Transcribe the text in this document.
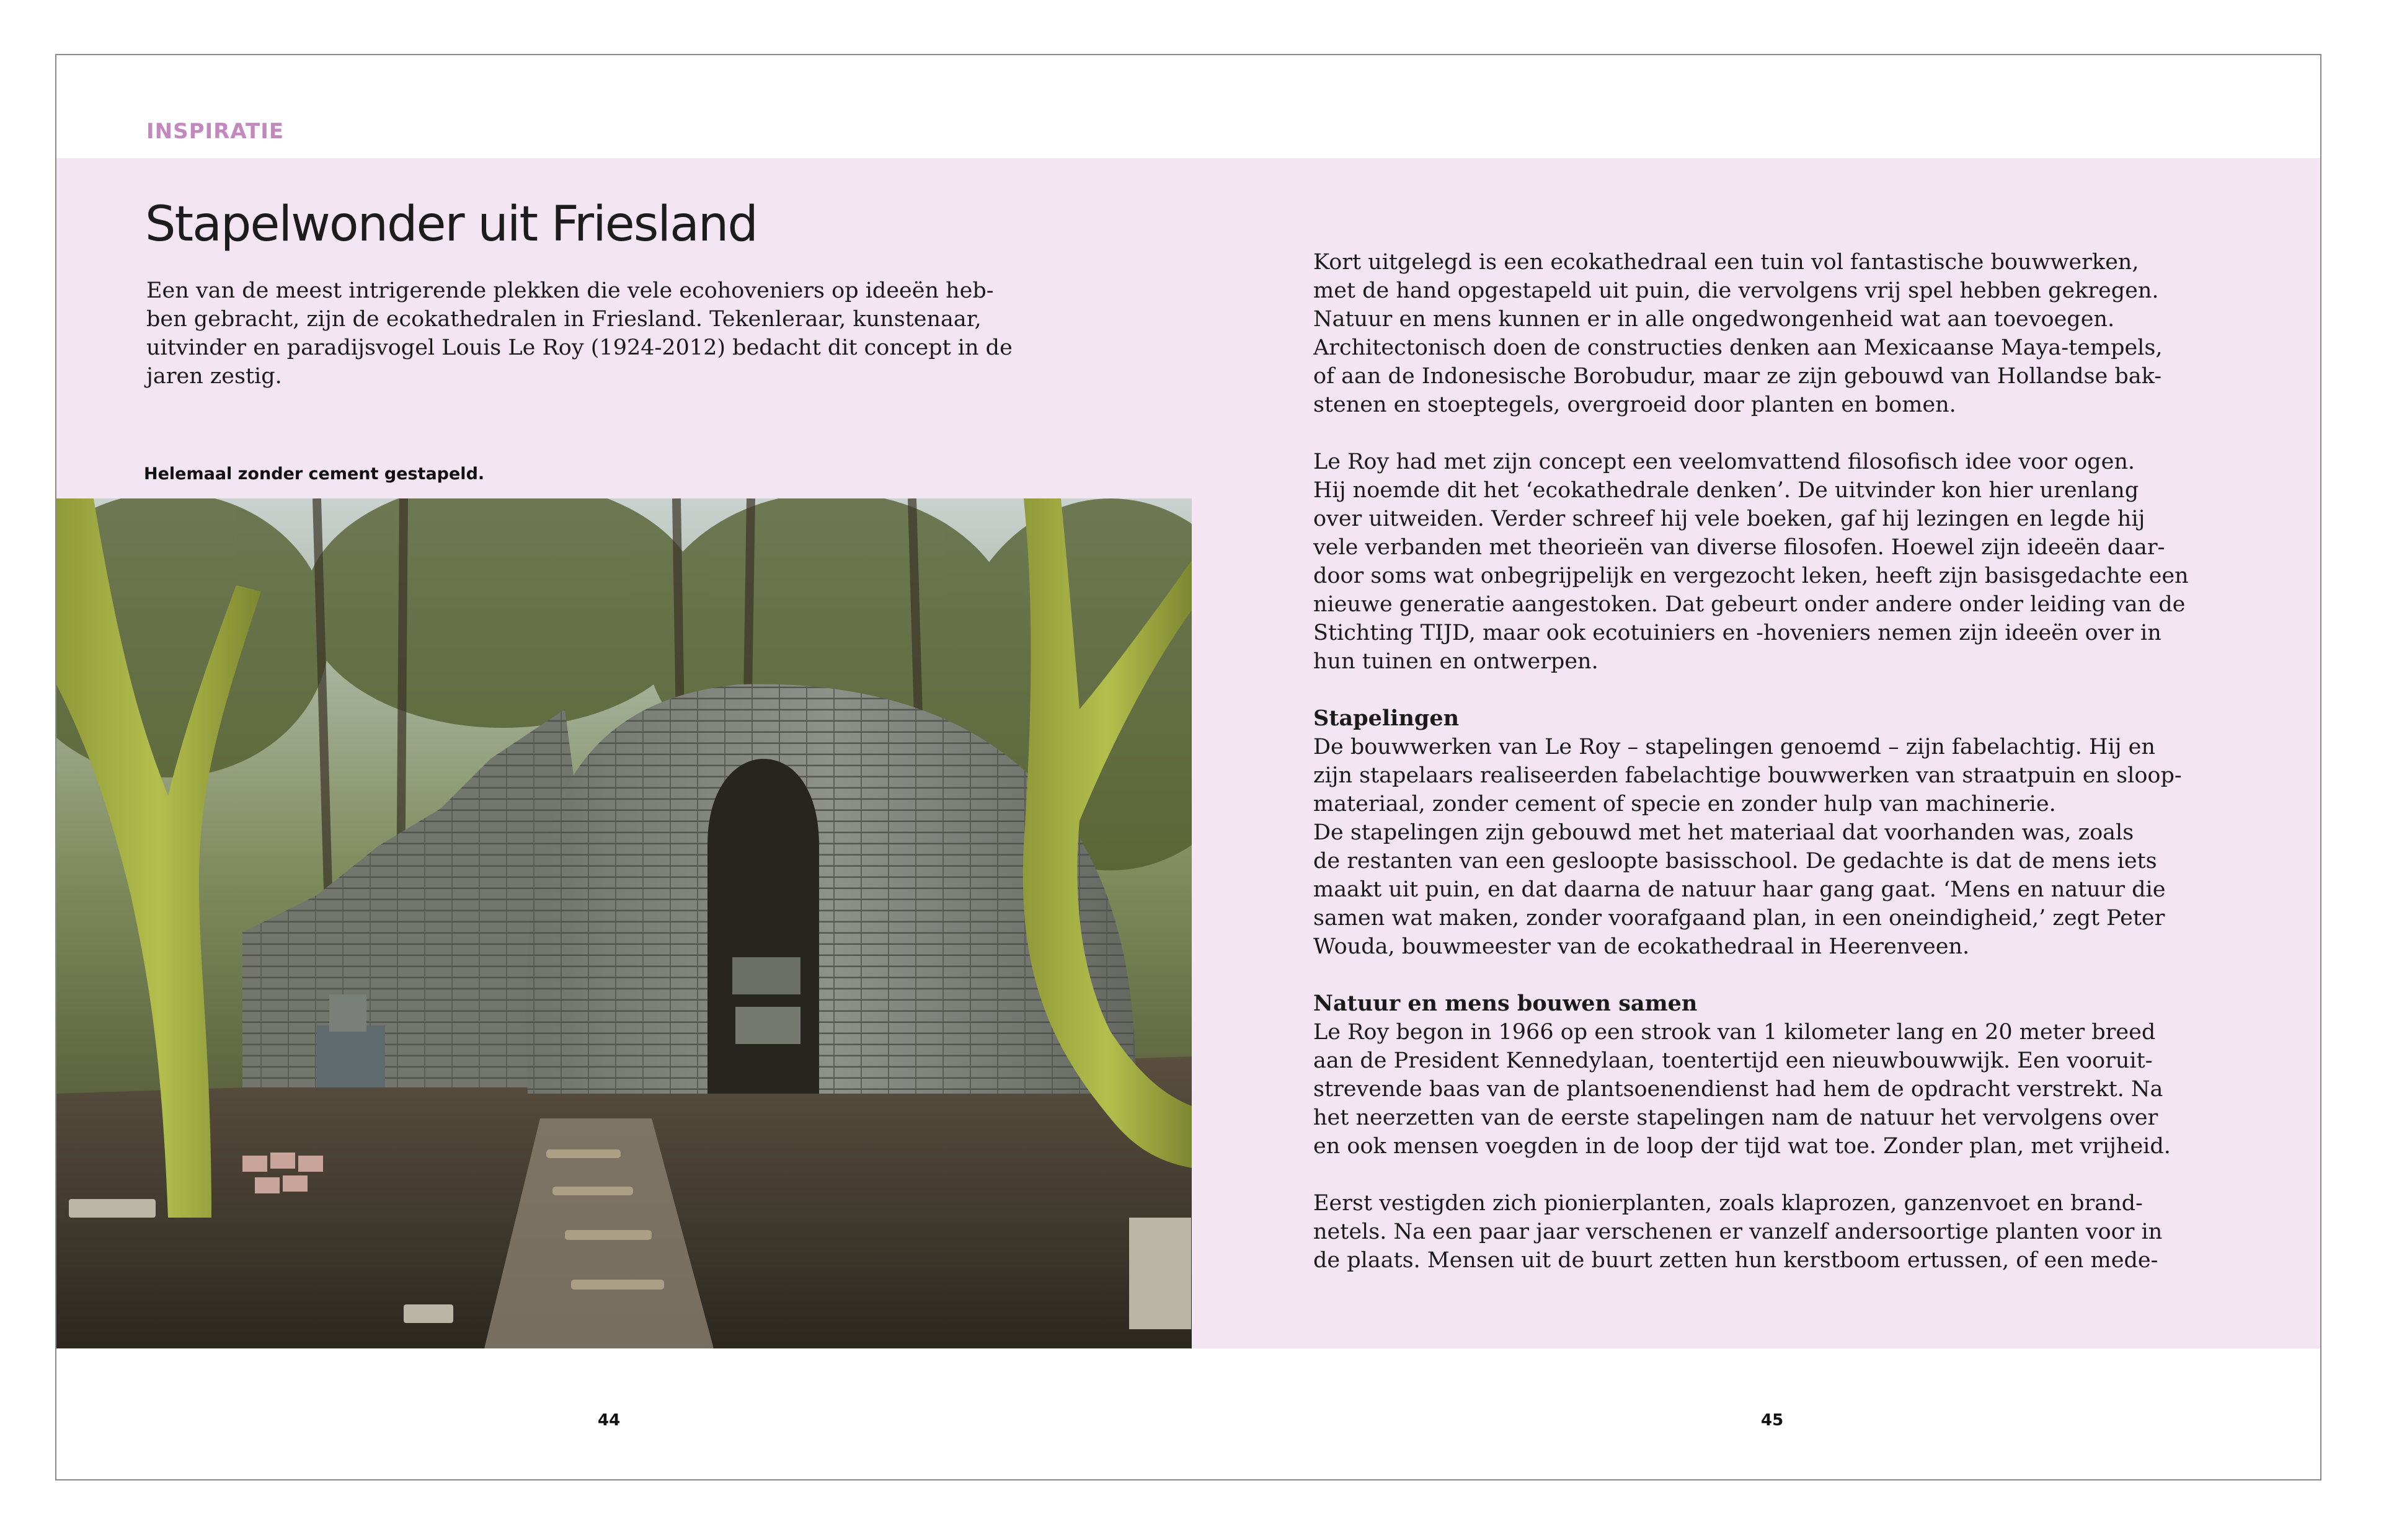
INSPIRATIE
Stapelwonder uit Friesland
Een van de meest intrigerende plekken die vele ecohoveniers op ideeën heb-
ben gebracht, zijn de ecokathedralen in Friesland. Tekenleraar, kunstenaar,
uitvinder en paradijsvogel Louis Le Roy (1924-2012) bedacht dit concept in de
jaren zestig.
Helemaal zonder cement gestapeld.
Kort uitgelegd is een ecokathedraal een tuin vol fantastische bouwwerken,
met de hand opgestapeld uit puin, die vervolgens vrij spel hebben gekregen.
Natuur en mens kunnen er in alle ongedwongenheid wat aan toevoegen.
Architectonisch doen de constructies denken aan Mexicaanse Maya-tempels,
of aan de Indonesische Borobudur, maar ze zijn gebouwd van Hollandse bak-
stenen en stoeptegels, overgroeid door planten en bomen.
Le Roy had met zijn concept een veelomvattend filosofisch idee voor ogen.
Hij noemde dit het ‘ecokathedrale denken’. De uitvinder kon hier urenlang
over uitweiden. Verder schreef hij vele boeken, gaf hij lezingen en legde hij
vele verbanden met theorieën van diverse filosofen. Hoewel zijn ideeën daar-
door soms wat onbegrijpelijk en vergezocht leken, heeft zijn basisgedachte een
nieuwe generatie aangestoken. Dat gebeurt onder andere onder leiding van de
Stichting TIJD, maar ook ecotuiniers en -hoveniers nemen zijn ideeën over in
hun tuinen en ontwerpen.
Stapelingen
De bouwwerken van Le Roy – stapelingen genoemd – zijn fabelachtig. Hij en
zijn stapelaars realiseerden fabelachtige bouwwerken van straatpuin en sloop-
materiaal, zonder cement of specie en zonder hulp van machinerie.
De stapelingen zijn gebouwd met het materiaal dat voorhanden was, zoals
de restanten van een gesloopte basisschool. De gedachte is dat de mens iets
maakt uit puin, en dat daarna de natuur haar gang gaat. ‘Mens en natuur die
samen wat maken, zonder voorafgaand plan, in een oneindigheid,’ zegt Peter
Wouda, bouwmeester van de ecokathedraal in Heerenveen.
Natuur en mens bouwen samen
Le Roy begon in 1966 op een strook van 1 kilometer lang en 20 meter breed
aan de President Kennedylaan, toentertijd een nieuwbouwwijk. Een vooruit-
strevende baas van de plantsoenendienst had hem de opdracht verstrekt. Na
het neerzetten van de eerste stapelingen nam de natuur het vervolgens over
en ook mensen voegden in de loop der tijd wat toe. Zonder plan, met vrijheid.
Eerst vestigden zich pionierplanten, zoals klaprozen, ganzenvoet en brand-
netels. Na een paar jaar verschenen er vanzelf andersoortige planten voor in
de plaats. Mensen uit de buurt zetten hun kerstboom ertussen, of een mede-
44	45
